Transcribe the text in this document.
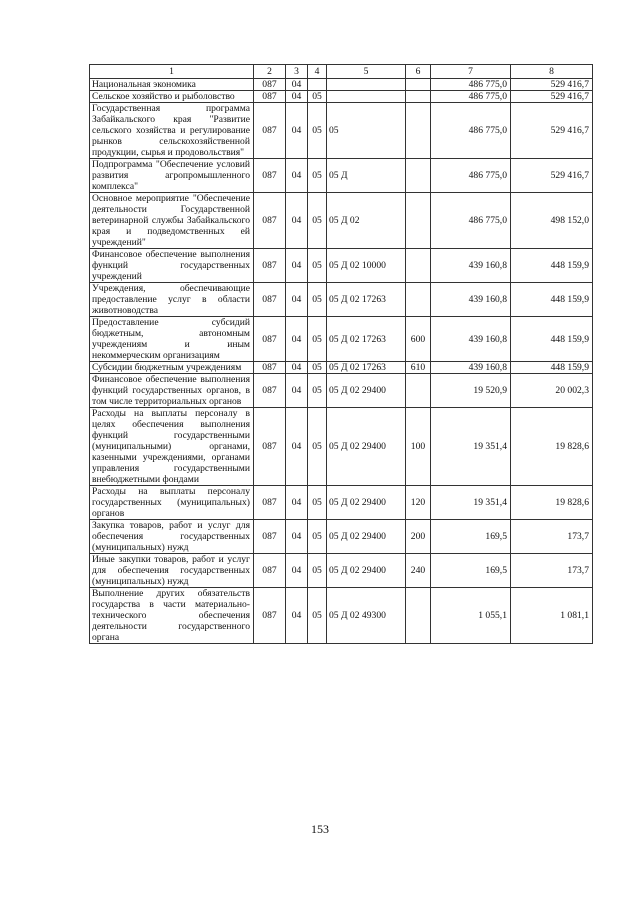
1	2	3	4	5	6	7	8
Национальная экономика	087	04				486 775,0	529 416,7
Сельское хозяйство и рыболовство	087	04	05			486 775,0	529 416,7
Государственная программа Забайкальского края "Развитие сельского хозяйства и регулирование рынков сельскохозяйственной продукции, сырья и продовольствия"	087	04	05	05		486 775,0	529 416,7
Подпрограмма "Обеспечение условий развития агропромышленного комплекса"	087	04	05	05 Д		486 775,0	529 416,7
Основное мероприятие "Обеспечение деятельности Государственной ветеринарной службы Забайкальского края и подведомственных ей учреждений"	087	04	05	05 Д 02		486 775,0	498 152,0
Финансовое обеспечение выполнения функций государственных учреждений	087	04	05	05 Д 02 10000		439 160,8	448 159,9
Учреждения, обеспечивающие предоставление услуг в области животноводства	087	04	05	05 Д 02 17263		439 160,8	448 159,9
Предоставление субсидий бюджетным, автономным учреждениям и иным некоммерческим организациям	087	04	05	05 Д 02 17263	600	439 160,8	448 159,9
Субсидии бюджетным учреждениям	087	04	05	05 Д 02 17263	610	439 160,8	448 159,9
Финансовое обеспечение выполнения функций государственных органов, в том числе территориальных органов	087	04	05	05 Д 02 29400		19 520,9	20 002,3
Расходы на выплаты персоналу в целях обеспечения выполнения функций государственными (муниципальными) органами, казенными учреждениями, органами управления государственными внебюджетными фондами	087	04	05	05 Д 02 29400	100	19 351,4	19 828,6
Расходы на выплаты персоналу государственных (муниципальных) органов	087	04	05	05 Д 02 29400	120	19 351,4	19 828,6
Закупка товаров, работ и услуг для обеспечения государственных (муниципальных) нужд	087	04	05	05 Д 02 29400	200	169,5	173,7
Иные закупки товаров, работ и услуг для обеспечения государственных (муниципальных) нужд	087	04	05	05 Д 02 29400	240	169,5	173,7
Выполнение других обязательств государства в части материально-технического обеспечения деятельности государственного органа	087	04	05	05 Д 02 49300		1 055,1	1 081,1
153
